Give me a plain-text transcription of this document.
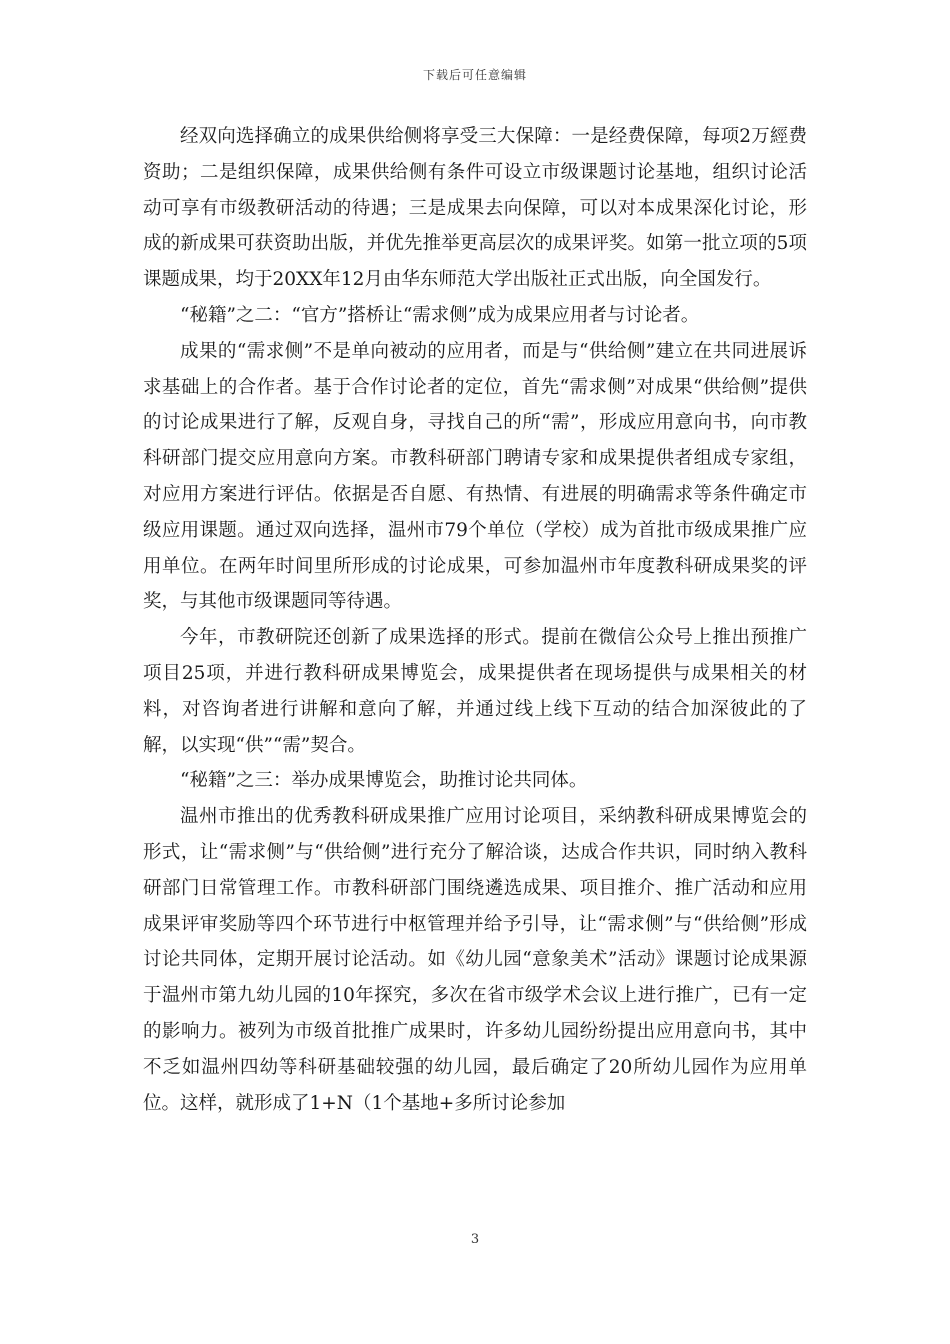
下载后可任意编辑

经双向选择确立的成果供给侧将享受三大保障：一是经费保障，每项2万經费资助；二是组织保障，成果供给侧有条件可设立市级课题讨论基地，组织讨论活动可享有市级教研活动的待遇；三是成果去向保障，可以对本成果深化讨论，形成的新成果可获资助出版，并优先推举更高层次的成果评奖。如第一批立项的5项课题成果，均于20XX年12月由华东师范大学出版社正式出版，向全国发行。

“秘籍”之二：“官方”搭桥让“需求侧”成为成果应用者与讨论者。

成果的“需求侧”不是单向被动的应用者，而是与“供给侧”建立在共同进展诉求基础上的合作者。基于合作讨论者的定位，首先“需求侧”对成果“供给侧”提供的讨论成果进行了解，反观自身，寻找自己的所“需”，形成应用意向书，向市教科研部门提交应用意向方案。市教科研部门聘请专家和成果提供者组成专家组，对应用方案进行评估。依据是否自愿、有热情、有进展的明确需求等条件确定市级应用课题。通过双向选择，温州市79个单位（学校）成为首批市级成果推广应用单位。在两年时间里所形成的讨论成果，可参加温州市年度教科研成果奖的评奖，与其他市级课题同等待遇。

今年，市教研院还创新了成果选择的形式。提前在微信公众号上推出预推广项目25项，并进行教科研成果博览会，成果提供者在现场提供与成果相关的材料，对咨询者进行讲解和意向了解，并通过线上线下互动的结合加深彼此的了解，以实现“供”“需”契合。

“秘籍”之三：举办成果博览会，助推讨论共同体。

温州市推出的优秀教科研成果推广应用讨论项目，采纳教科研成果博览会的形式，让“需求侧”与“供给侧”进行充分了解洽谈，达成合作共识，同时纳入教科研部门日常管理工作。市教科研部门围绕遴选成果、项目推介、推广活动和应用成果评审奖励等四个环节进行中枢管理并给予引导，让“需求侧”与“供给侧”形成讨论共同体，定期开展讨论活动。如《幼儿园“意象美术”活动》课题讨论成果源于温州市第九幼儿园的10年探究，多次在省市级学术会议上进行推广，已有一定的影响力。被列为市级首批推广成果时，许多幼儿园纷纷提出应用意向书，其中不乏如温州四幼等科研基础较强的幼儿园，最后确定了20所幼儿园作为应用单位。这样，就形成了1+N（1个基地+多所讨论参加

3
